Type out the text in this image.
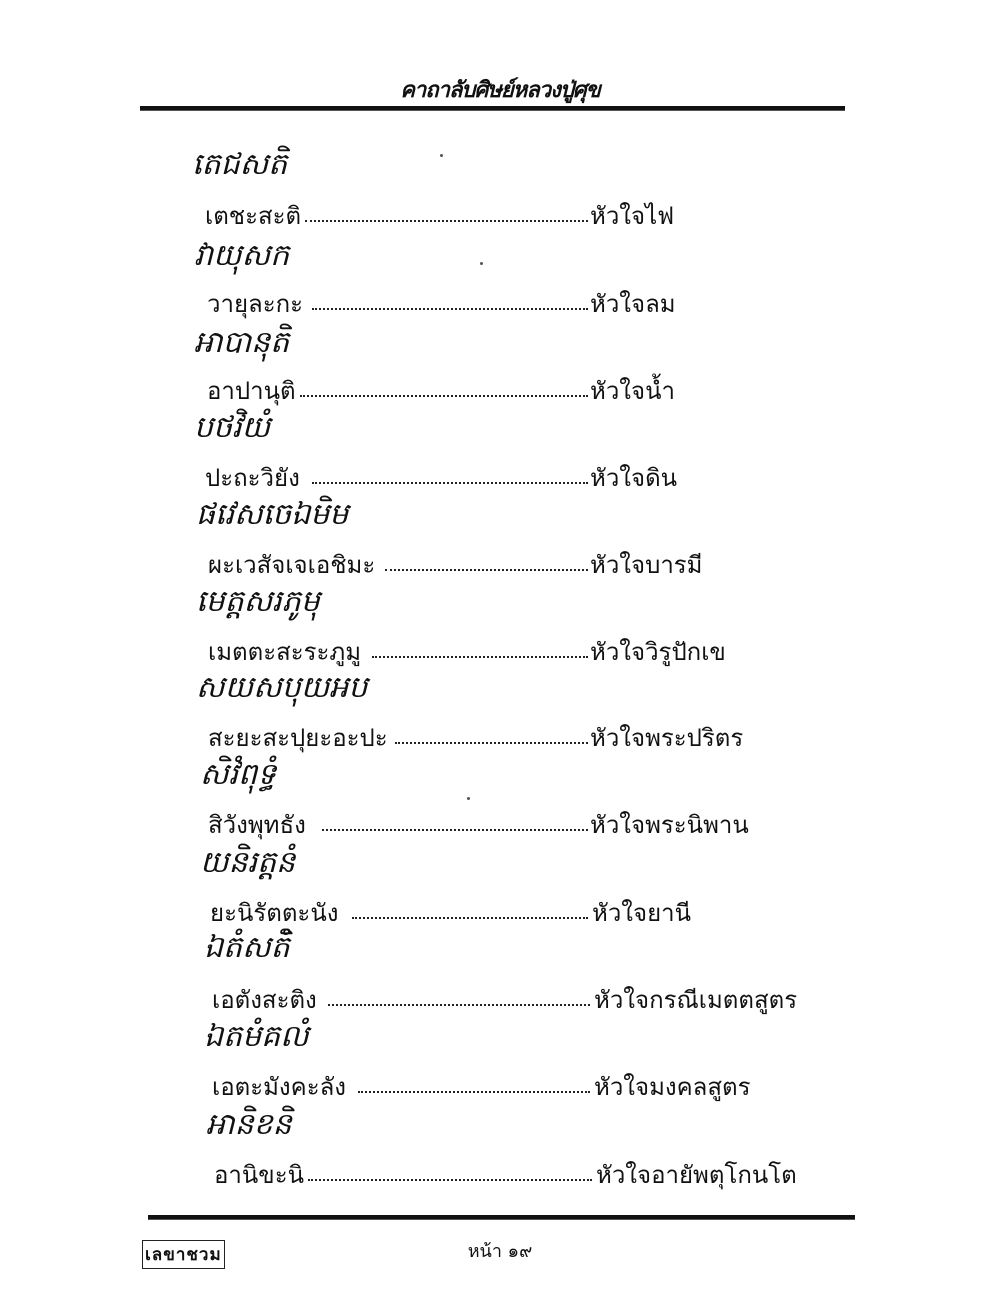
คาถาลับศิษย์หลวงปู่ศุข
តេជសតិ
เตชะสะติ	หัวใจไฟ
វាយុសក
วายุละกะ	หัวใจลม
អាបានុតិ
อาปานุติ	หัวใจน้ำ
បថវិយំ
ปะถะวิยัง	หัวใจดิน
ផវេសចេឯមិម
ผะเวสัจเจเอชิมะ	หัวใจบารมี
មេត្តសរភូមុ
เมตตะสะระภูมู	หัวใจวิรูปักเข
សយសបុយអប
สะยะสะปุยะอะปะ	หัวใจพระปริตร
សិវំពុទ្ធំ
สิวังพุทธัง	หัวใจพระนิพาน
យនិរត្តនំ
ยะนิรัตตะนัง	หัวใจยานี
ឯតំសតិំ
เอตังสะติง	หัวใจกรณีเมตตสูตร
ឯតមំគលំ
เอตะมังคะลัง	หัวใจมงคลสูตร
អានិខនិ
อานิขะนิ	หัวใจอายัพตุโกนโต
เลขาชวม	หน้า ๑๙
